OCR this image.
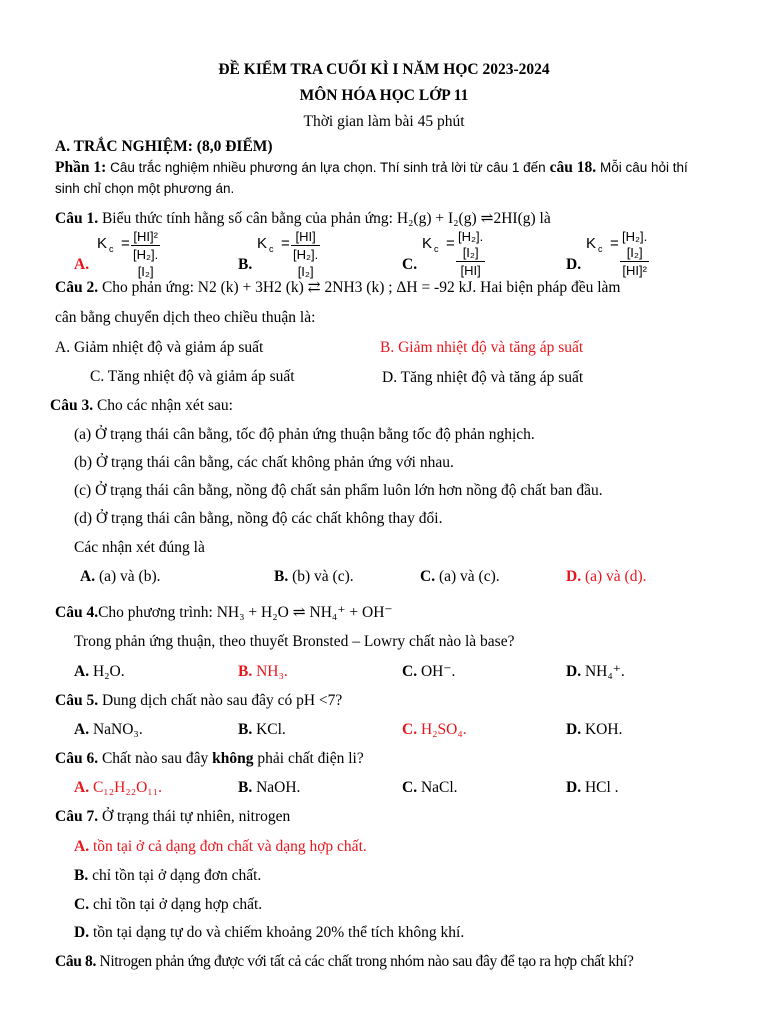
ĐỀ KIỂM TRA CUỐI KÌ I NĂM HỌC 2023-2024
MÔN HÓA HỌC LỚP 11
Thời gian làm bài 45 phút
A. TRẮC NGHIỆM: (8,0 ĐIỂM)
Phần 1: Câu trắc nghiệm nhiều phương án lựa chọn. Thí sinh trả lời từ câu 1 đến câu 18. Mỗi câu hỏi thí
sinh chỉ chọn một phương án.
Câu 1. Biểu thức tính hằng số cân bằng của phản ứng: H₂(g) + I₂(g) ⇌2HI(g) là
A.
K $c = \frac{\text{[HI]²}}{\text{[H₂].[I₂]}}$	B.
K $c = \frac{[HI]}{\text{[H₂].[I₂]}}$	C.
K $c = \frac{\text{[H₂].[I₂]}}{[HI]}$	D.
K $c = \frac{\text{[H₂].[I₂]}}{\text{[HI]²}}$
Câu 2. Cho phản ứng: N2 (k) + 3H2 (k) ⇄ 2NH3 (k) ; ΔH = -92 kJ. Hai biện pháp đều làm
cân bằng chuyển dịch theo chiều thuận là:
A. Giảm nhiệt độ và giảm áp suất	B. Giảm nhiệt độ và tăng áp suất
C. Tăng nhiệt độ và giảm áp suất	D. Tăng nhiệt độ và tăng áp suất
Câu 3. Cho các nhận xét sau:
(a) Ở trạng thái cân bằng, tốc độ phản ứng thuận bằng tốc độ phản nghịch.
(b) Ở trạng thái cân bằng, các chất không phản ứng với nhau.
(c) Ở trạng thái cân bằng, nồng độ chất sản phẩm luôn lớn hơn nồng độ chất ban đầu.
(d) Ở trạng thái cân bằng, nồng độ các chất không thay đổi.
Các nhận xét đúng là
A. (a) và (b).	B. (b) và (c).	C. (a) và (c).	D. (a) và (d).
Câu 4.Cho phương trình: NH₃ + H₂O ⇌ NH₄⁺ + OH⁻
Trong phản ứng thuận, theo thuyết Bronsted – Lowry chất nào là base?
A. H₂O.	B. NH₃.	C. OH⁻.	D. NH₄⁺.
Câu 5. Dung dịch chất nào sau đây có pH <7?
A. NaNO₃.	B. KCl.	C. H₂SO₄.	D. KOH.
Câu 6. Chất nào sau đây không phải chất điện li?
A. C₁₂H₂₂O₁₁.	B. NaOH.	C. NaCl.	D. HCl .
Câu 7. Ở trạng thái tự nhiên, nitrogen
A. tồn tại ở cả dạng đơn chất và dạng hợp chất.
B. chỉ tồn tại ở dạng đơn chất.
C. chỉ tồn tại ở dạng hợp chất.
D. tồn tại dạng tự do và chiếm khoảng 20% thể tích không khí.
Câu 8. Nitrogen phản ứng được với tất cả các chất trong nhóm nào sau đây để tạo ra hợp chất khí?
